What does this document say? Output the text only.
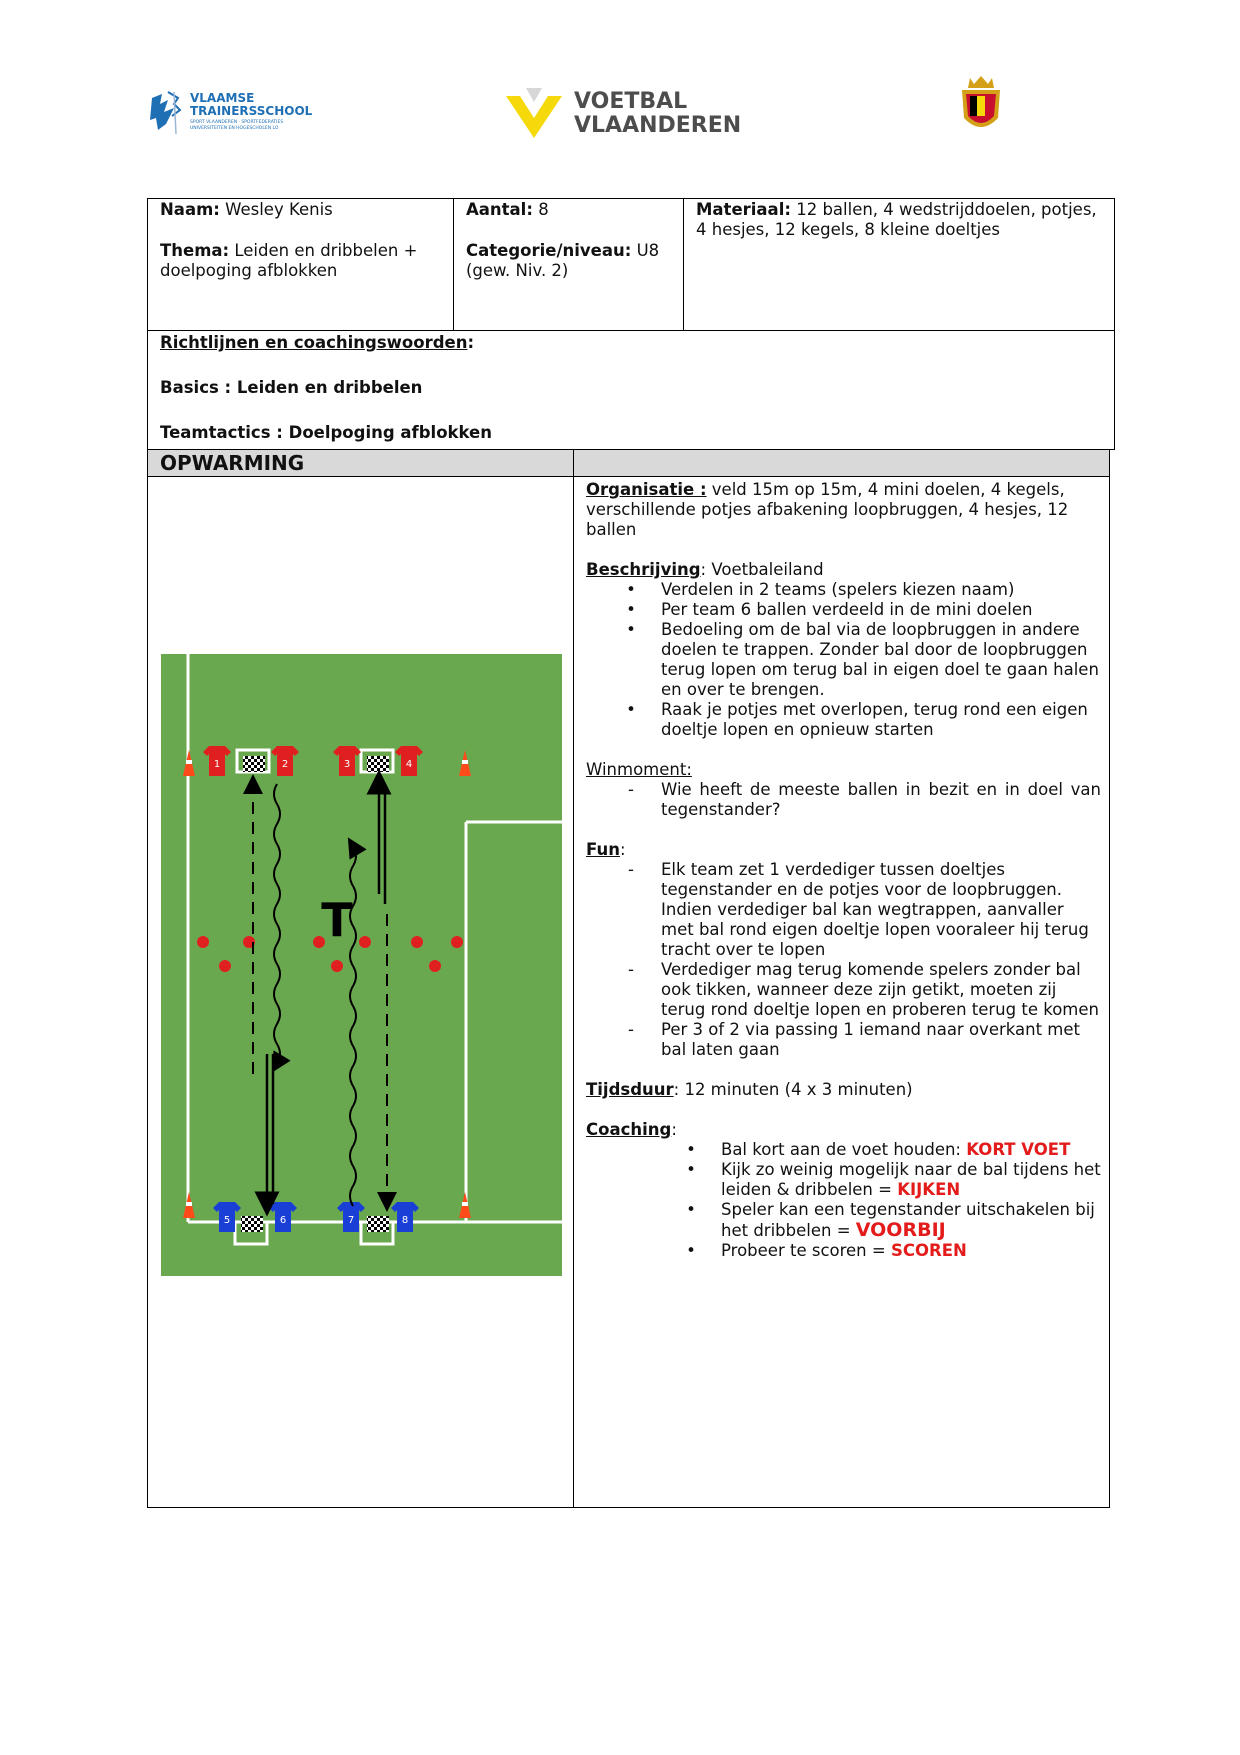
VLAAMSE
TRAINERSSCHOOL
SPORT VLAANDEREN · SPORTFEDERATIES
UNIVERSITEITEN EN HOGESCHOLEN LO
VOETBAL
VLAANDEREN
Naam: Wesley Kenis
Thema: Leiden en dribbelen + doelpoging afblokken
Aantal: 8
Categorie/niveau: U8 (gew. Niv. 2)
Materiaal: 12 ballen, 4 wedstrijddoelen, potjes, 4 hesjes, 12 kegels, 8 kleine doeltjes
Richtlijnen en coachingswoorden:
Basics : Leiden en dribbelen
Teamtactics : Doelpoging afblokken
OPWARMING
1	2	3	4
5	6	7	8
T
Organisatie : veld 15m op 15m, 4 mini doelen, 4 kegels, verschillende potjes afbakening loopbruggen, 4 hesjes, 12 ballen
Beschrijving: Voetbaleiland
•	Verdelen in 2 teams (spelers kiezen naam)
•	Per team 6 ballen verdeeld in de mini doelen
•	Bedoeling om de bal via de loopbruggen in andere doelen te trappen. Zonder bal door de loopbruggen terug lopen om terug bal in eigen doel te gaan halen en over te brengen.
•	Raak je potjes met overlopen, terug rond een eigen doeltje lopen en opnieuw starten
Winmoment:
-	Wie heeft de meeste ballen in bezit en in doel van tegenstander?
Fun:
-	Elk team zet 1 verdediger tussen doeltjes tegenstander en de potjes voor de loopbruggen. Indien verdediger bal kan wegtrappen, aanvaller met bal rond eigen doeltje lopen vooraleer hij terug tracht over te lopen
-	Verdediger mag terug komende spelers zonder bal ook tikken, wanneer deze zijn getikt, moeten zij terug rond doeltje lopen en proberen terug te komen
-	Per 3 of 2 via passing 1 iemand naar overkant met bal laten gaan
Tijdsduur: 12 minuten (4 x 3 minuten)
Coaching:
•	Bal kort aan de voet houden: KORT VOET
•	Kijk zo weinig mogelijk naar de bal tijdens het leiden & dribbelen = KIJKEN
•	Speler kan een tegenstander uitschakelen bij het dribbelen = VOORBIJ
•	Probeer te scoren = SCOREN
